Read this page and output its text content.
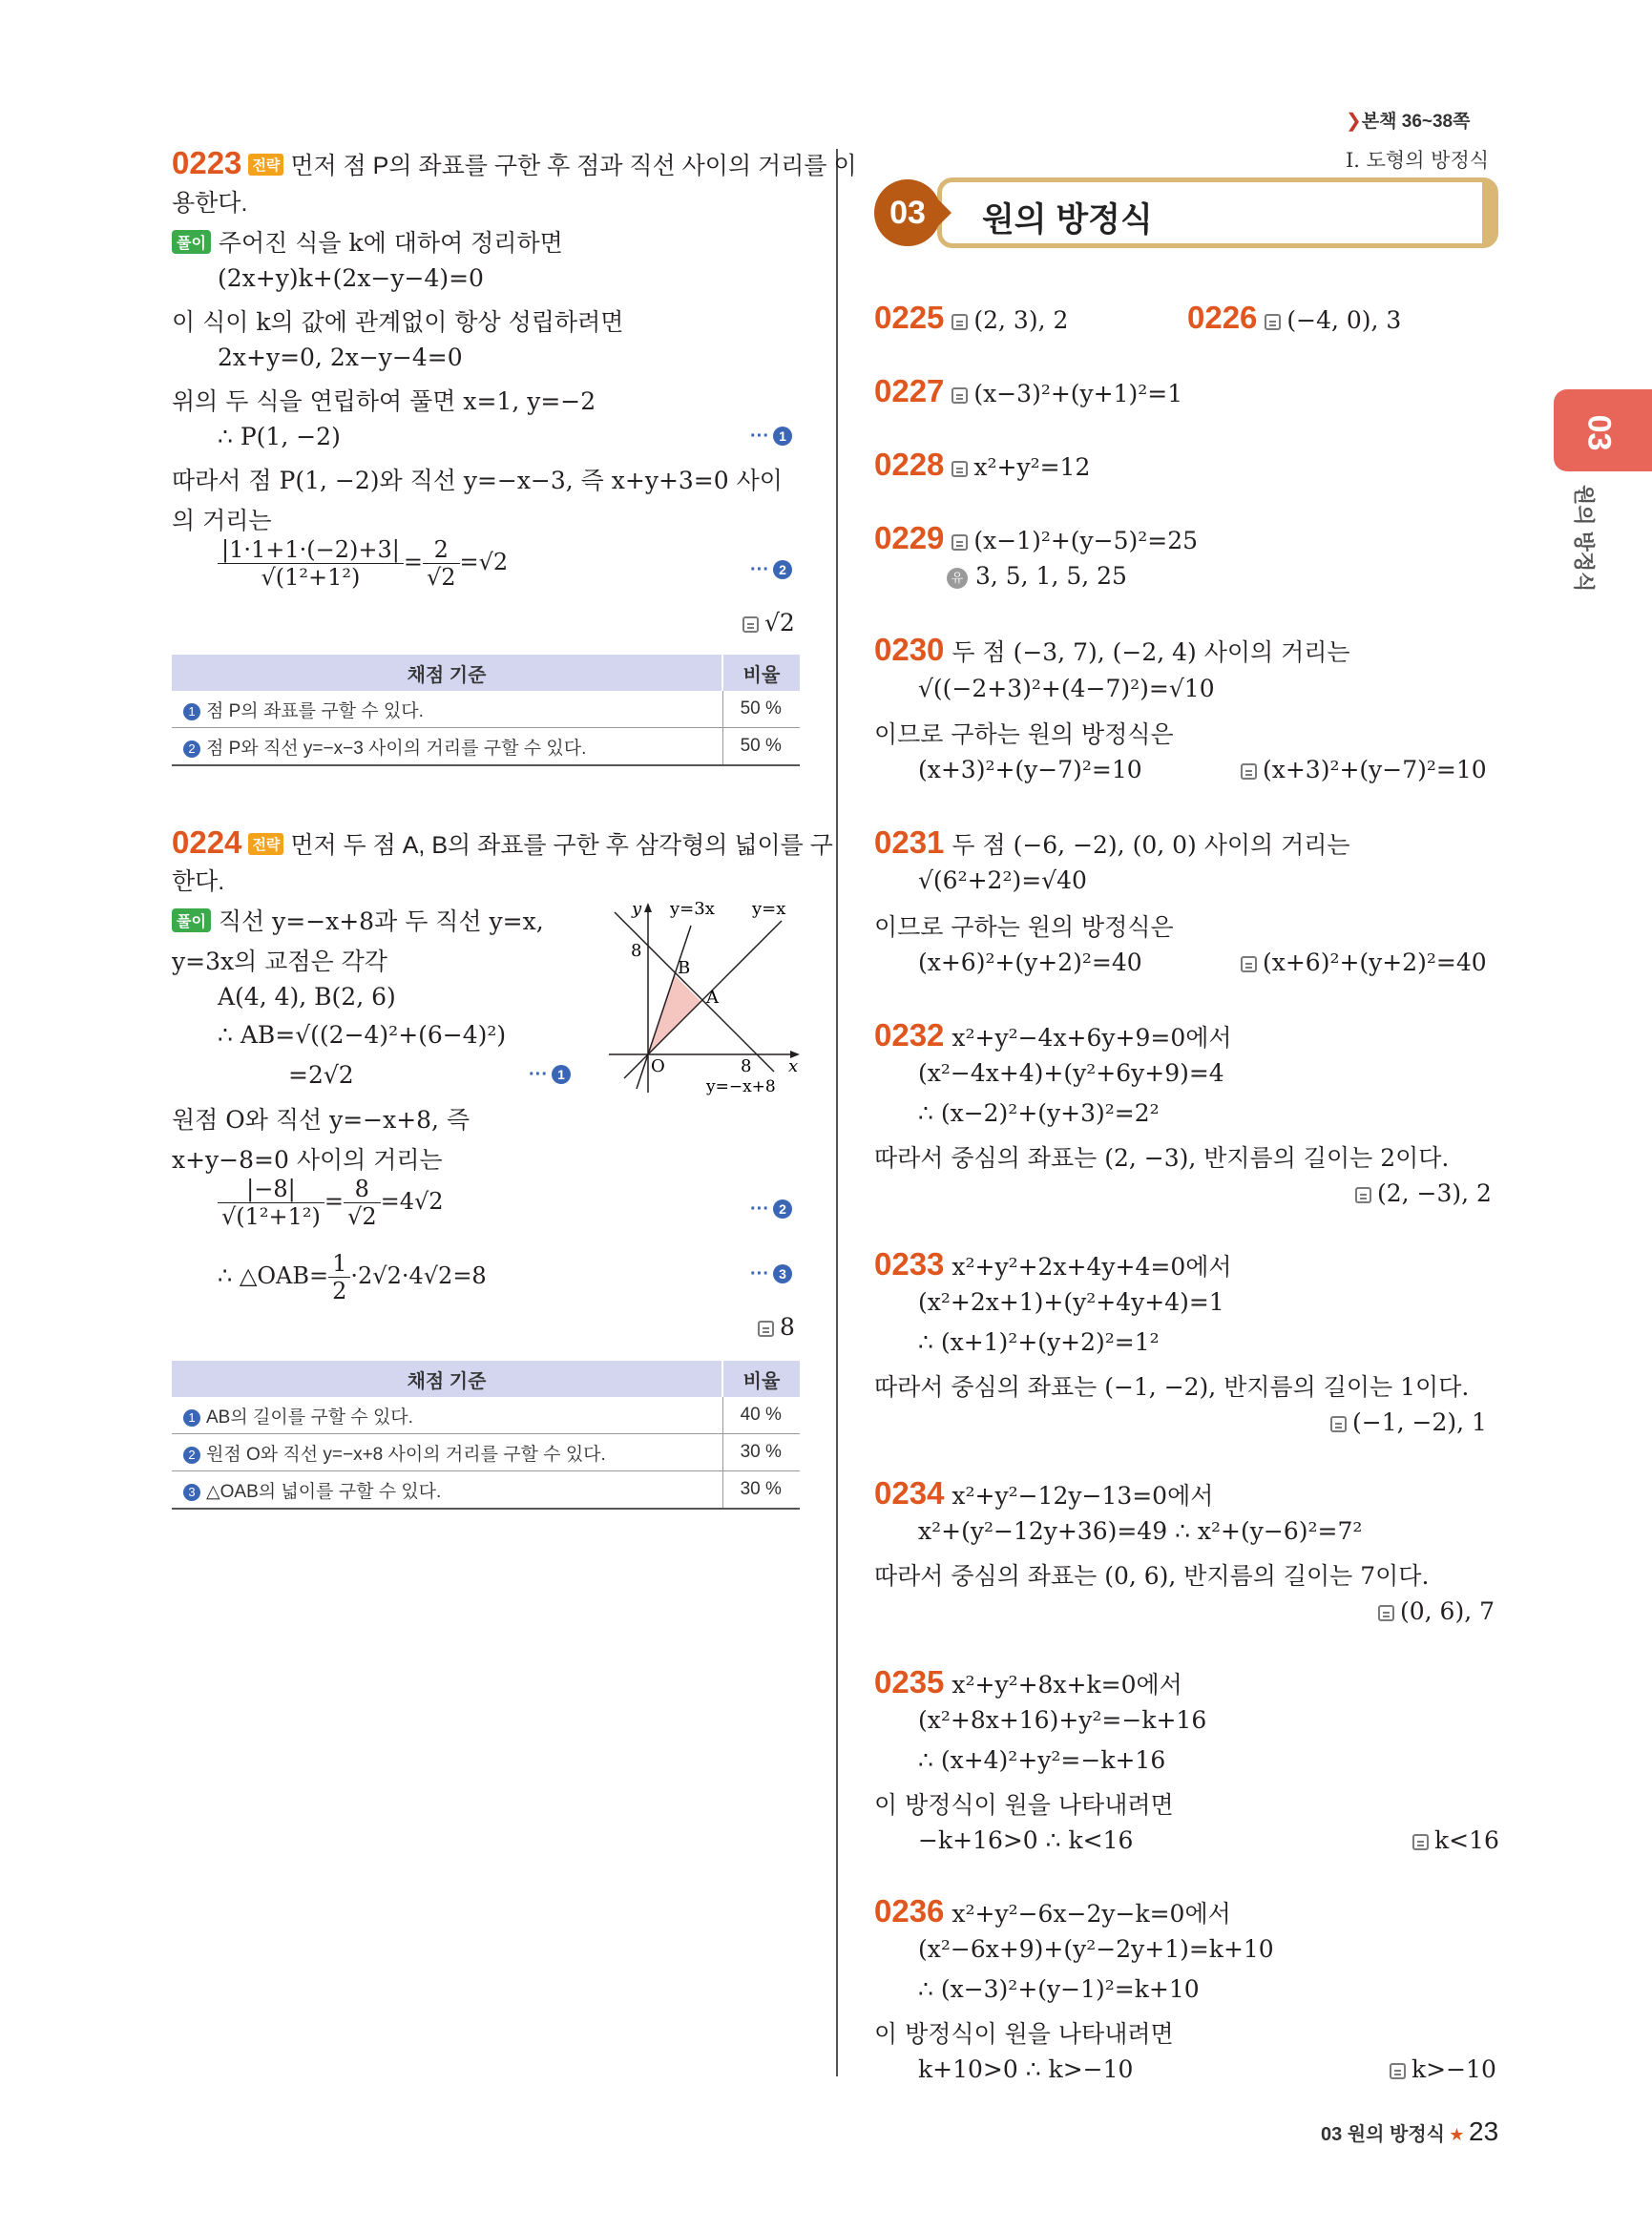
❯본책 36~38쪽
Ⅰ. 도형의 방정식
원의 방정식
03
03
원의 방정식
0223 전략 먼저 점 P의 좌표를 구한 후 점과 직선 사이의 거리를 이
용한다.
풀이 주어진 식을 k에 대하여 정리하면
(2x+y)k+(2x−y−4)=0
이 식이 k의 값에 관계없이 항상 성립하려면
2x+y=0, 2x−y−4=0
위의 두 식을 연립하여 풀면 x=1, y=−2
∴ P(1, −2)	··· 1
따라서 점 P(1, −2)와 직선 y=−x−3, 즉 x+y+3=0 사이
의 거리는
$\frac{|1\cdot 1+1\cdot(-2)+3|}{\text{√(1²+1²)}} = \frac{2}{√2} =√2$	··· 2
√2
채점 기준	비율
1 점 P의 좌표를 구할 수 있다.	50 %
2 점 P와 직선 y=−x−3 사이의 거리를 구할 수 있다.	50 %
0224 전략 먼저 두 점 A, B의 좌표를 구한 후 삼각형의 넓이를 구
한다.
풀이 직선 y=−x+8과 두 직선 y=x,
y=3x의 교점은 각각
A(4, 4), B(2, 6)
∴ AB=√((2−4)²+(6−4)²)
=2√2	··· 1
원점 O와 직선 y=−x+8, 즉
x+y−8=0 사이의 거리는
$\frac{|-8|}{\text{√(1²+1²)}} = \frac{8}{√2} =4√2$	··· 2
∴ △OAB= $\frac{1}{2} \cdot 2√2\cdot 4√2=8$	··· 3
8
y y=3x y=x
8
B
A
O	8 x
y=−x+8
채점 기준	비율
1 AB의 길이를 구할 수 있다.	40 %
2 원점 O와 직선 y=−x+8 사이의 거리를 구할 수 있다.	30 %
3 △OAB의 넓이를 구할 수 있다.	30 %
0225 (2, 3), 2	0226 (−4, 0), 3
0227 (x−3)²+(y+1)²=1
0228 x²+y²=12
0229 (x−1)²+(y−5)²=25
유 3, 5, 1, 5, 25
0230 두 점 (−3, 7), (−2, 4) 사이의 거리는
√((−2+3)²+(4−7)²)=√10
이므로 구하는 원의 방정식은
(x+3)²+(y−7)²=10	(x+3)²+(y−7)²=10
0231 두 점 (−6, −2), (0, 0) 사이의 거리는
√(6²+2²)=√40
이므로 구하는 원의 방정식은
(x+6)²+(y+2)²=40	(x+6)²+(y+2)²=40
0232 x²+y²−4x+6y+9=0에서
(x²−4x+4)+(y²+6y+9)=4
∴ (x−2)²+(y+3)²=2²
따라서 중심의 좌표는 (2, −3), 반지름의 길이는 2이다.
(2, −3), 2
0233 x²+y²+2x+4y+4=0에서
(x²+2x+1)+(y²+4y+4)=1
∴ (x+1)²+(y+2)²=1²
따라서 중심의 좌표는 (−1, −2), 반지름의 길이는 1이다.
(−1, −2), 1
0234 x²+y²−12y−13=0에서
x²+(y²−12y+36)=49 ∴ x²+(y−6)²=7²
따라서 중심의 좌표는 (0, 6), 반지름의 길이는 7이다.
(0, 6), 7
0235 x²+y²+8x+k=0에서
(x²+8x+16)+y²=−k+16
∴ (x+4)²+y²=−k+16
이 방정식이 원을 나타내려면
−k+16>0 ∴ k<16	k<16
0236 x²+y²−6x−2y−k=0에서
(x²−6x+9)+(y²−2y+1)=k+10
∴ (x−3)²+(y−1)²=k+10
이 방정식이 원을 나타내려면
k+10>0 ∴ k>−10	k>−10
03 원의 방정식 ★ 23
